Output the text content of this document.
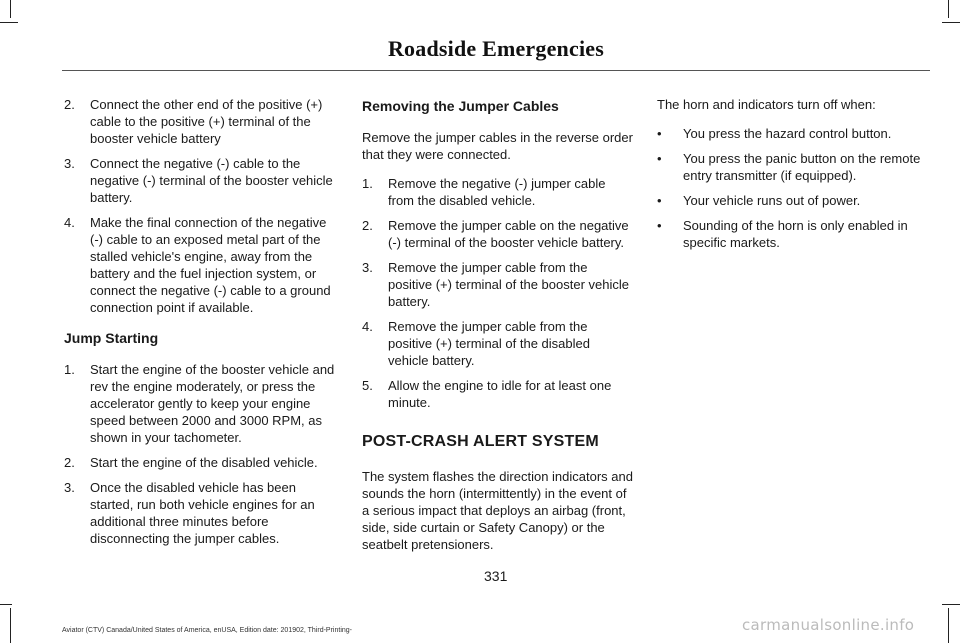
Roadside Emergencies
2.	Connect the other end of the positive (+) cable to the positive (+) terminal of the booster vehicle battery
3.	Connect the negative (-) cable to the negative (-) terminal of the booster vehicle battery.
4.	Make the final connection of the negative (-) cable to an exposed metal part of the stalled vehicle's engine, away from the battery and the fuel injection system, or connect the negative (-) cable to a ground connection point if available.
Jump Starting
1.	Start the engine of the booster vehicle and rev the engine moderately, or press the accelerator gently to keep your engine speed between 2000 and 3000 RPM, as shown in your tachometer.
2.	Start the engine of the disabled vehicle.
3.	Once the disabled vehicle has been started, run both vehicle engines for an additional three minutes before disconnecting the jumper cables.
Removing the Jumper Cables

Remove the jumper cables in the reverse order that they were connected.

1.	Remove the negative (-) jumper cable from the disabled vehicle.
2.	Remove the jumper cable on the negative (-) terminal of the booster vehicle battery.
3.	Remove the jumper cable from the positive (+) terminal of the booster vehicle battery.
4.	Remove the jumper cable from the positive (+) terminal of the disabled vehicle battery.
5.	Allow the engine to idle for at least one minute.
POST-CRASH ALERT SYSTEM

The system flashes the direction indicators and sounds the horn (intermittently) in the event of a serious impact that deploys an airbag (front, side, side curtain or Safety Canopy) or the seatbelt pretensioners.

The horn and indicators turn off when:

•	You press the hazard control button.
•	You press the panic button on the remote entry transmitter (if equipped).
•	Your vehicle runs out of power.
•	Sounding of the horn is only enabled in specific markets.
331
Aviator (CTV) Canada/United States of America, enUSA, Edition date: 201902, Third-Printing-	carmanualsonline.info
